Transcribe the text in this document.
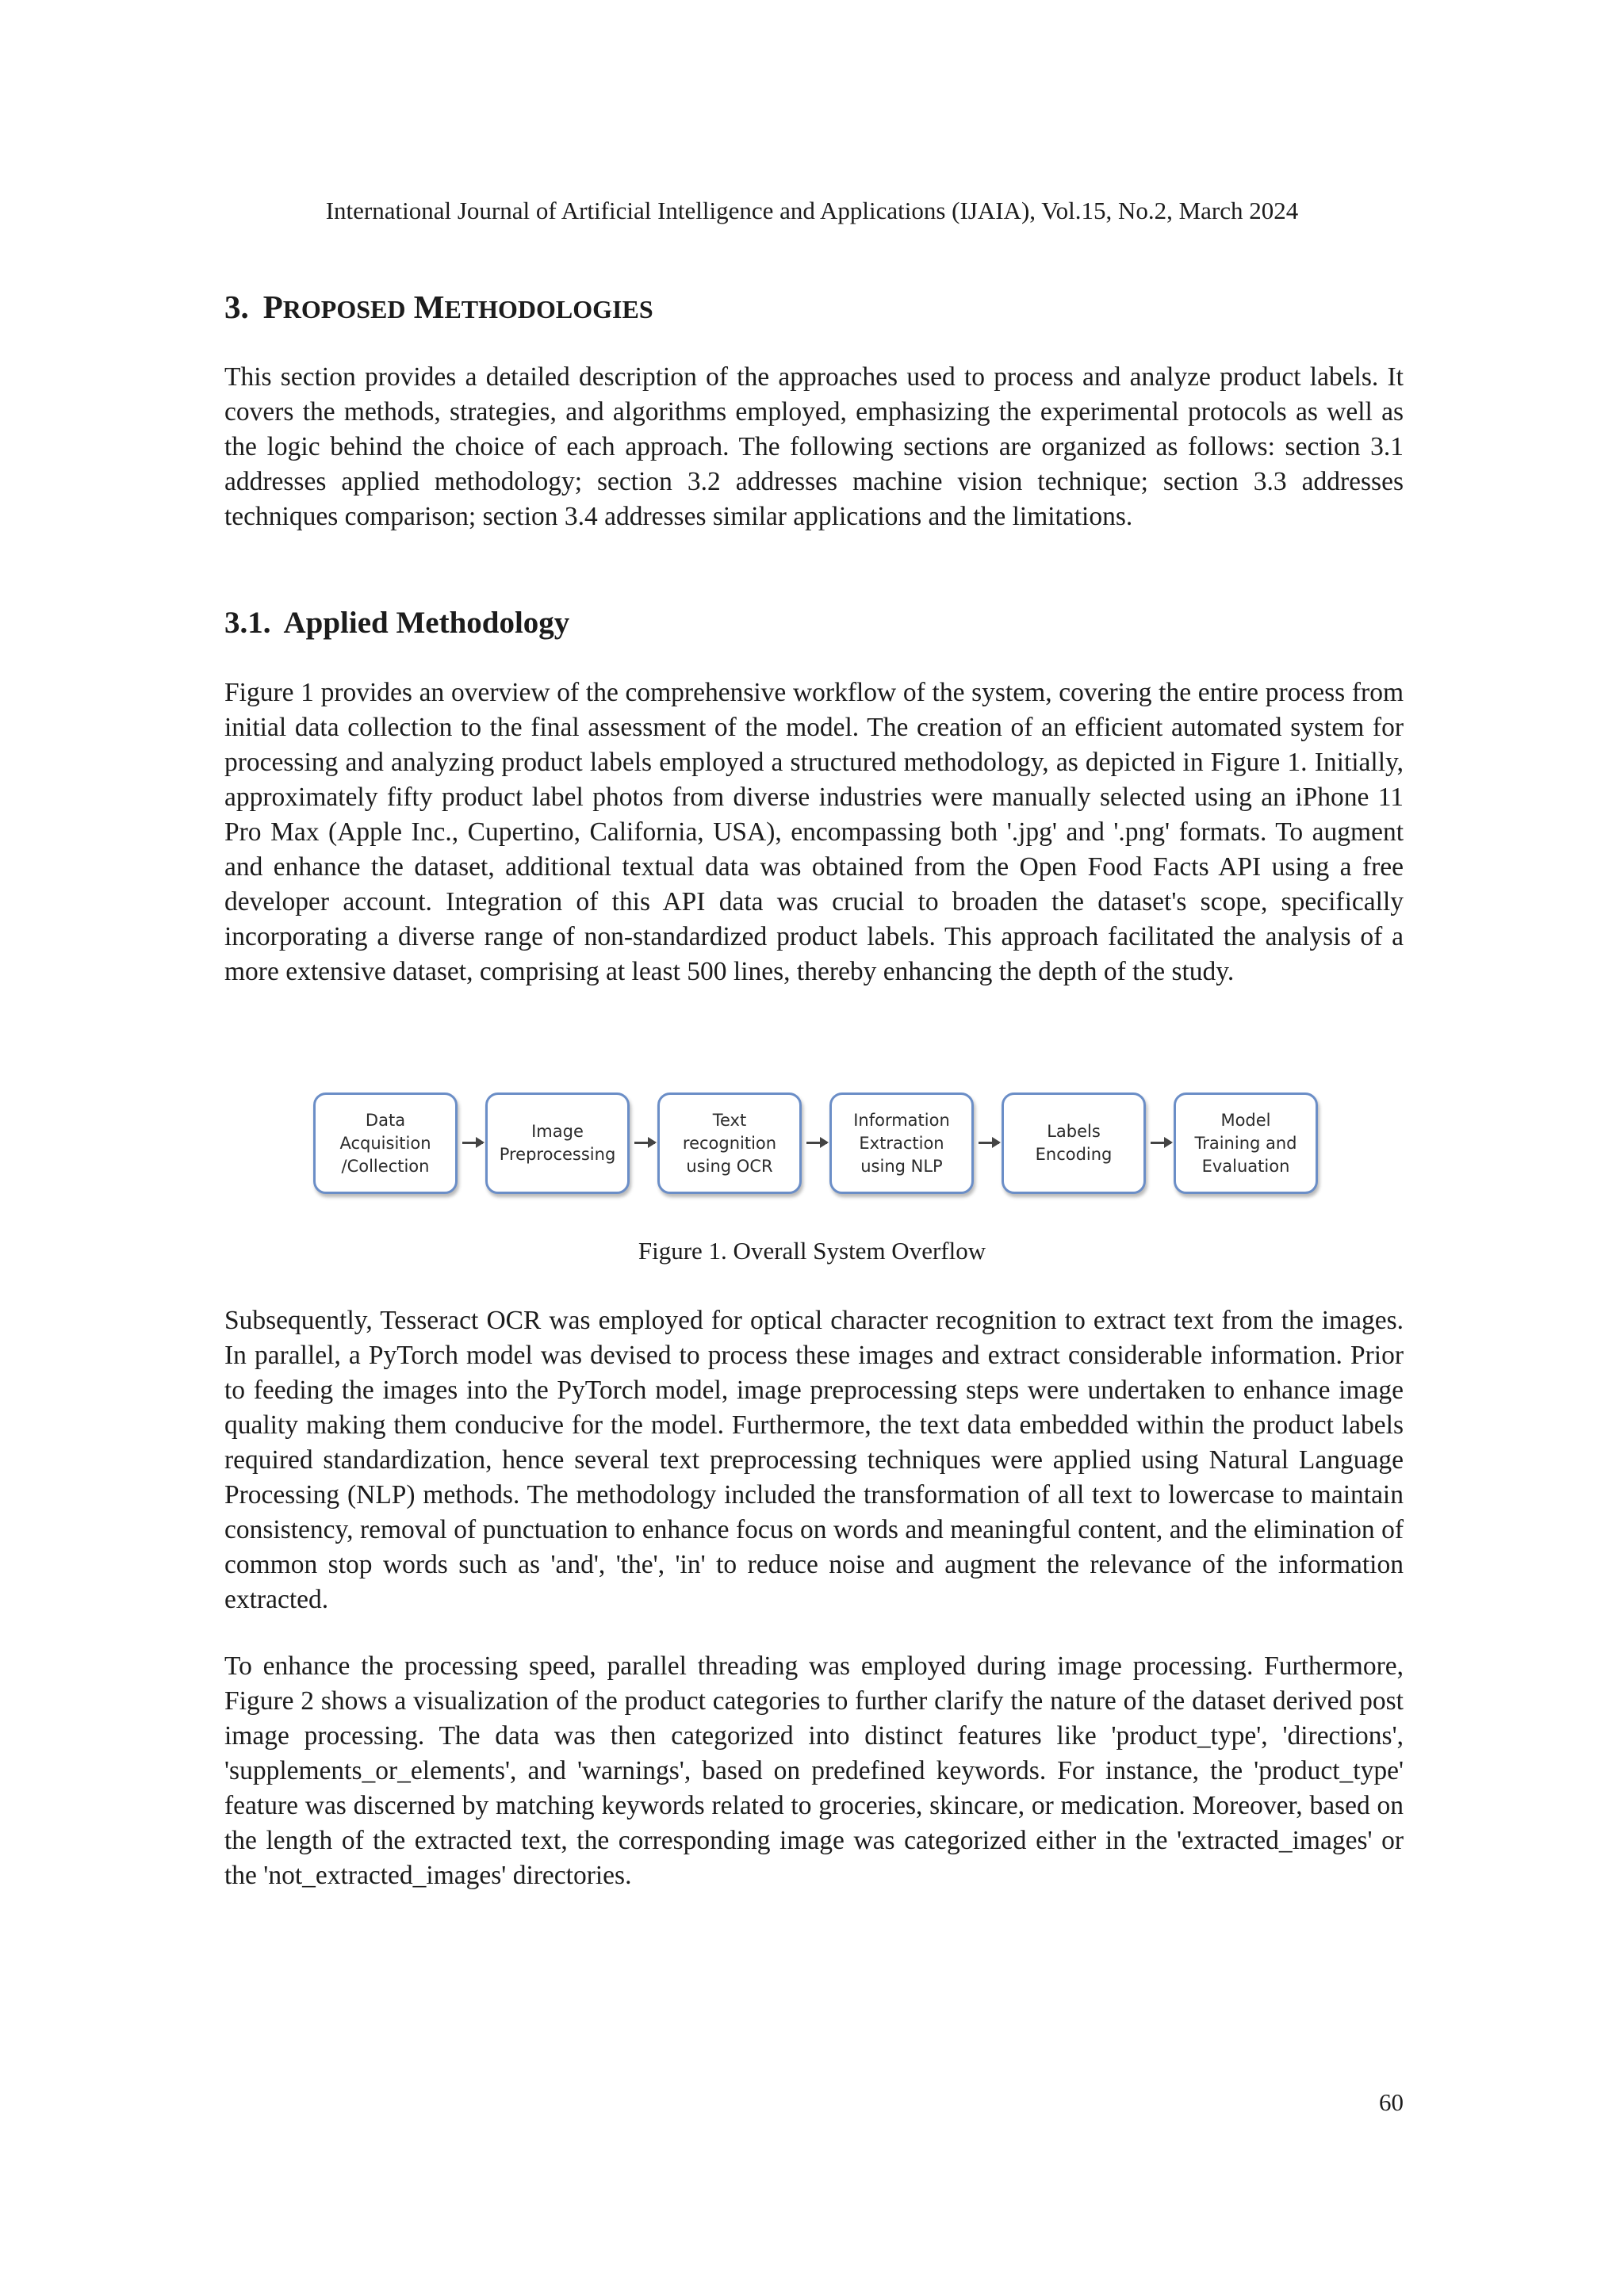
International Journal of Artificial Intelligence and Applications (IJAIA), Vol.15, No.2, March 2024
3. PROPOSED METHODOLOGIES

This section provides a detailed description of the approaches used to process and analyze product labels. It covers the methods, strategies, and algorithms employed, emphasizing the experimental protocols as well as the logic behind the choice of each approach. The following sections are organized as follows: section 3.1 addresses applied methodology; section 3.2 addresses machine vision technique; section 3.3 addresses techniques comparison; section 3.4 addresses similar applications and the limitations.

3.1. Applied Methodology

Figure 1 provides an overview of the comprehensive workflow of the system, covering the entire process from initial data collection to the final assessment of the model. The creation of an efficient automated system for processing and analyzing product labels employed a structured methodology, as depicted in Figure 1. Initially, approximately fifty product label photos from diverse industries were manually selected using an iPhone 11 Pro Max (Apple Inc., Cupertino, California, USA), encompassing both '.jpg' and '.png' formats. To augment and enhance the dataset, additional textual data was obtained from the Open Food Facts API using a free developer account. Integration of this API data was crucial to broaden the dataset's scope, specifically incorporating a diverse range of non-standardized product labels. This approach facilitated the analysis of a more extensive dataset, comprising at least 500 lines, thereby enhancing the depth of the study.

Data
Acquisition
/Collection
Image
Preprocessing
Text
recognition
using OCR
Information
Extraction
using NLP
Labels
Encoding
Model
Training and
Evaluation
Figure 1. Overall System Overflow

Subsequently, Tesseract OCR was employed for optical character recognition to extract text from the images. In parallel, a PyTorch model was devised to process these images and extract considerable information. Prior to feeding the images into the PyTorch model, image preprocessing steps were undertaken to enhance image quality making them conducive for the model. Furthermore, the text data embedded within the product labels required standardization, hence several text preprocessing techniques were applied using Natural Language Processing (NLP) methods. The methodology included the transformation of all text to lowercase to maintain consistency, removal of punctuation to enhance focus on words and meaningful content, and the elimination of common stop words such as 'and', 'the', 'in' to reduce noise and augment the relevance of the information extracted.

To enhance the processing speed, parallel threading was employed during image processing. Furthermore, Figure 2 shows a visualization of the product categories to further clarify the nature of the dataset derived post image processing. The data was then categorized into distinct features like 'product_type', 'directions', 'supplements_or_elements', and 'warnings', based on predefined keywords. For instance, the 'product_type' feature was discerned by matching keywords related to groceries, skincare, or medication. Moreover, based on the length of the extracted text, the corresponding image was categorized either in the 'extracted_images' or the 'not_extracted_images' directories.

60
